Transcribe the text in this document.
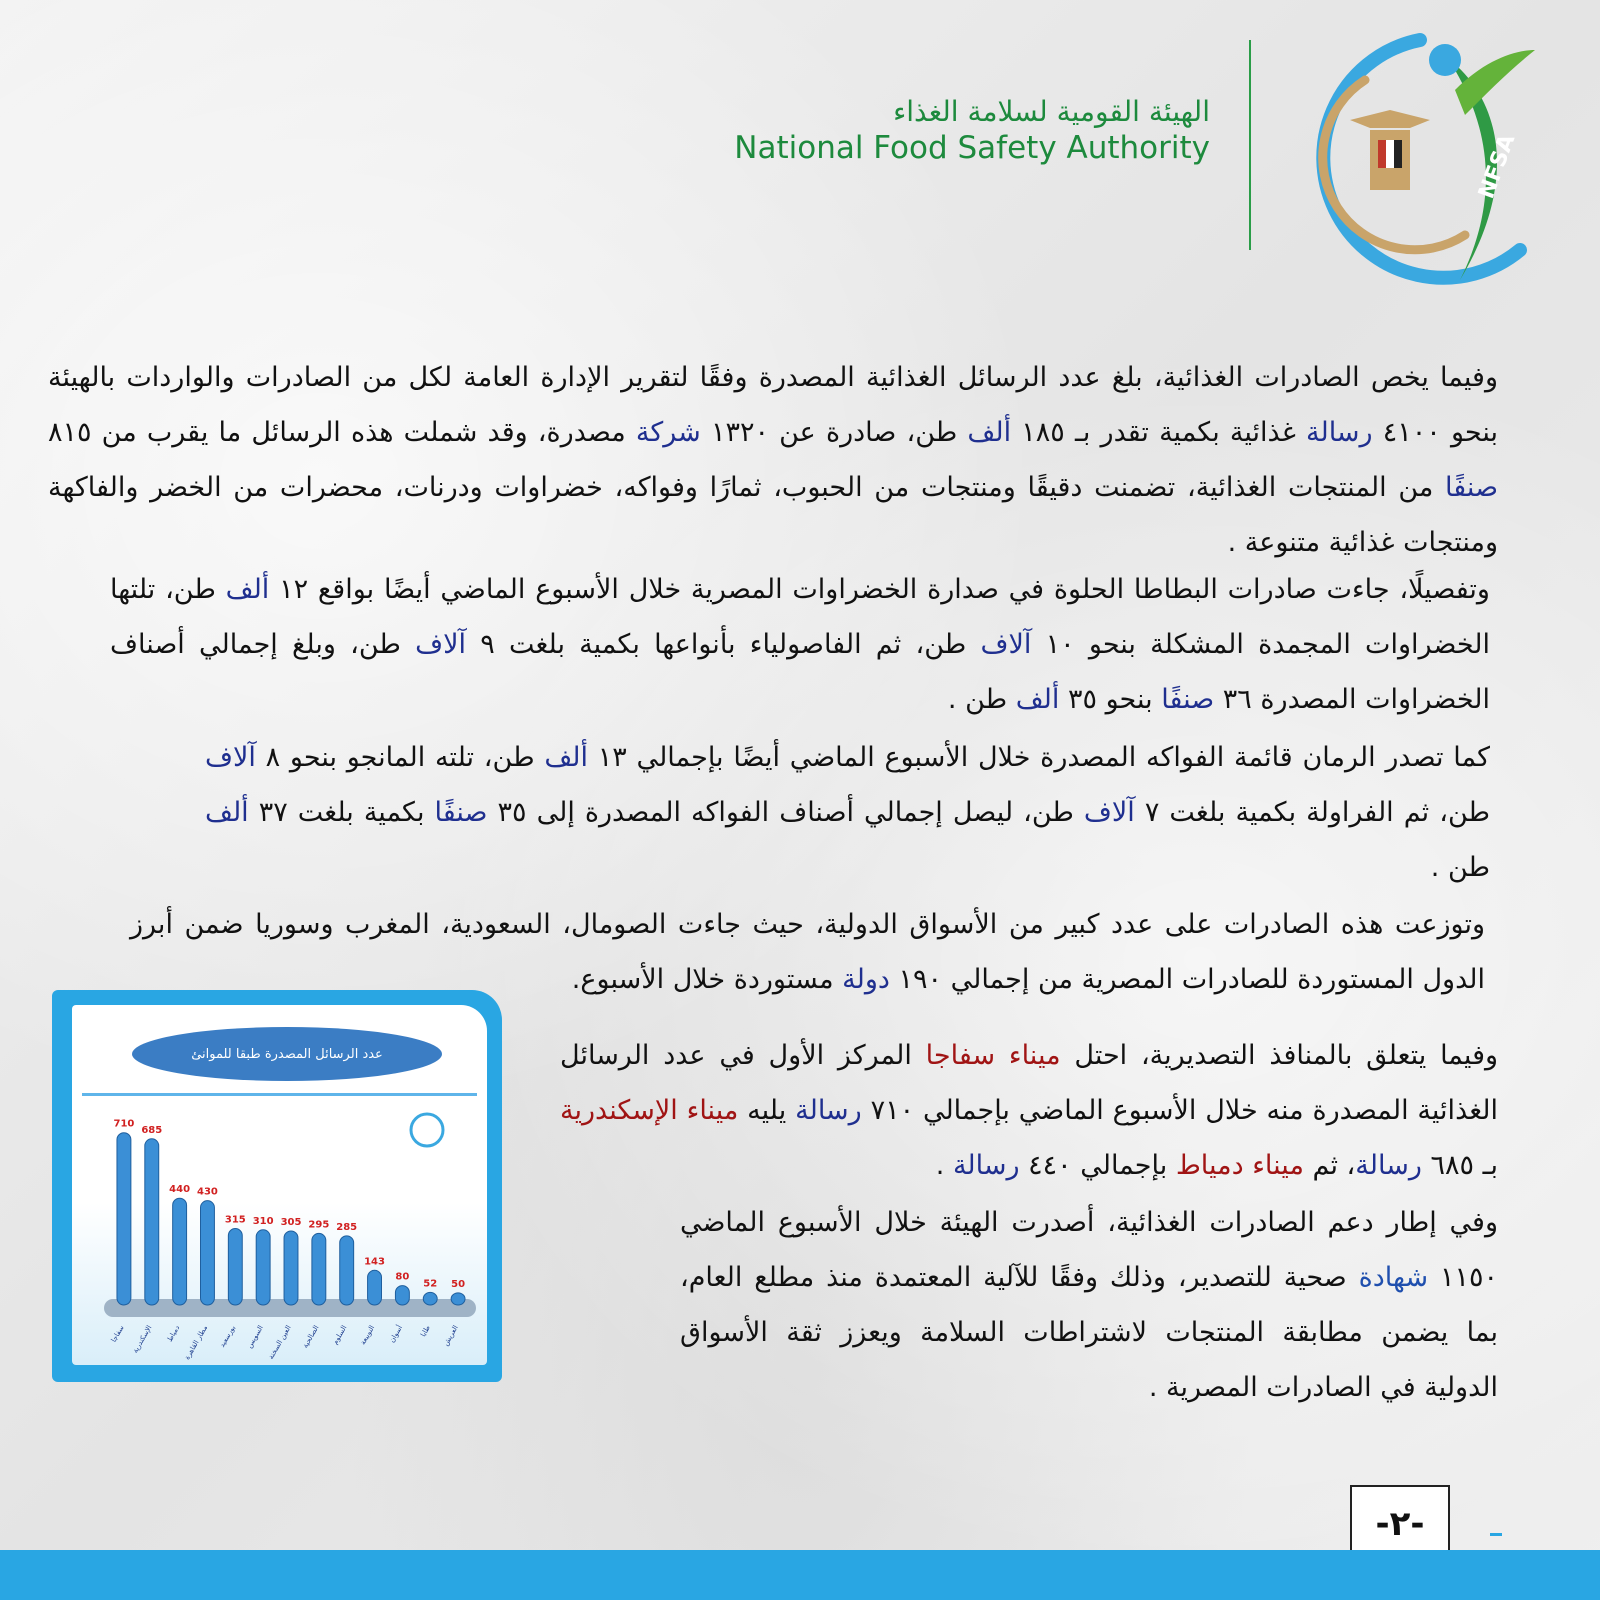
الهيئة القومية لسلامة الغذاء
National Food Safety Authority	NFSA
وفيما يخص الصادرات الغذائية، بلغ عدد الرسائل الغذائية المصدرة وفقًا لتقرير الإدارة العامة لكل من الصادرات والواردات بالهيئة بنحو ٤١٠٠ رسالة غذائية بكمية تقدر بـ ١٨٥ ألف طن، صادرة عن ١٣٢٠ شركة مصدرة، وقد شملت هذه الرسائل ما يقرب من ٨١٥ صنفًا من المنتجات الغذائية، تضمنت دقيقًا ومنتجات من الحبوب، ثمارًا وفواكه، خضراوات ودرنات، محضرات من الخضر والفاكهة ومنتجات غذائية متنوعة .
وتفصيلًا، جاءت صادرات البطاطا الحلوة في صدارة الخضراوات المصرية خلال الأسبوع الماضي أيضًا بواقع ١٢ ألف طن، تلتها الخضراوات المجمدة المشكلة بنحو ١٠ آلاف طن، ثم الفاصولياء بأنواعها بكمية بلغت ٩ آلاف طن، وبلغ إجمالي أصناف الخضراوات المصدرة ٣٦ صنفًا بنحو ٣٥ ألف طن .
كما تصدر الرمان قائمة الفواكه المصدرة خلال الأسبوع الماضي أيضًا بإجمالي ١٣ ألف طن، تلته المانجو بنحو ٨ آلاف طن، ثم الفراولة بكمية بلغت ٧ آلاف طن، ليصل إجمالي أصناف الفواكه المصدرة إلى ٣٥ صنفًا بكمية بلغت ٣٧ ألف طن .
وتوزعت هذه الصادرات على عدد كبير من الأسواق الدولية، حيث جاءت الصومال، السعودية، المغرب وسوريا ضمن أبرز الدول المستوردة للصادرات المصرية من إجمالي ١٩٠ دولة مستوردة خلال الأسبوع.
وفيما يتعلق بالمنافذ التصديرية، احتل ميناء سفاجا المركز الأول في عدد الرسائل الغذائية المصدرة منه خلال الأسبوع الماضي بإجمالي ٧١٠ رسالة يليه ميناء الإسكندرية بـ ٦٨٥ رسالة، ثم ميناء دمياط بإجمالي ٤٤٠ رسالة .
وفي إطار دعم الصادرات الغذائية، أصدرت الهيئة خلال الأسبوع الماضي ١١٥٠ شهادة صحية للتصدير، وذلك وفقًا للآلية المعتمدة منذ مطلع العام، بما يضمن مطابقة المنتجات لاشتراطات السلامة ويعزز ثقة الأسواق الدولية في الصادرات المصرية .
عدد الرسائل المصدرة طبقا للموانئ
710
سفاجا
685
الإسكندرية
440
دمياط
430
مطار القاهرة
315
بورسعيد
310
السويس
305
العين السخنة
295
الصالحية
285
السلوم
143
النويبعة
80
أسوان
52
طابا
50
العريش
-٢-
